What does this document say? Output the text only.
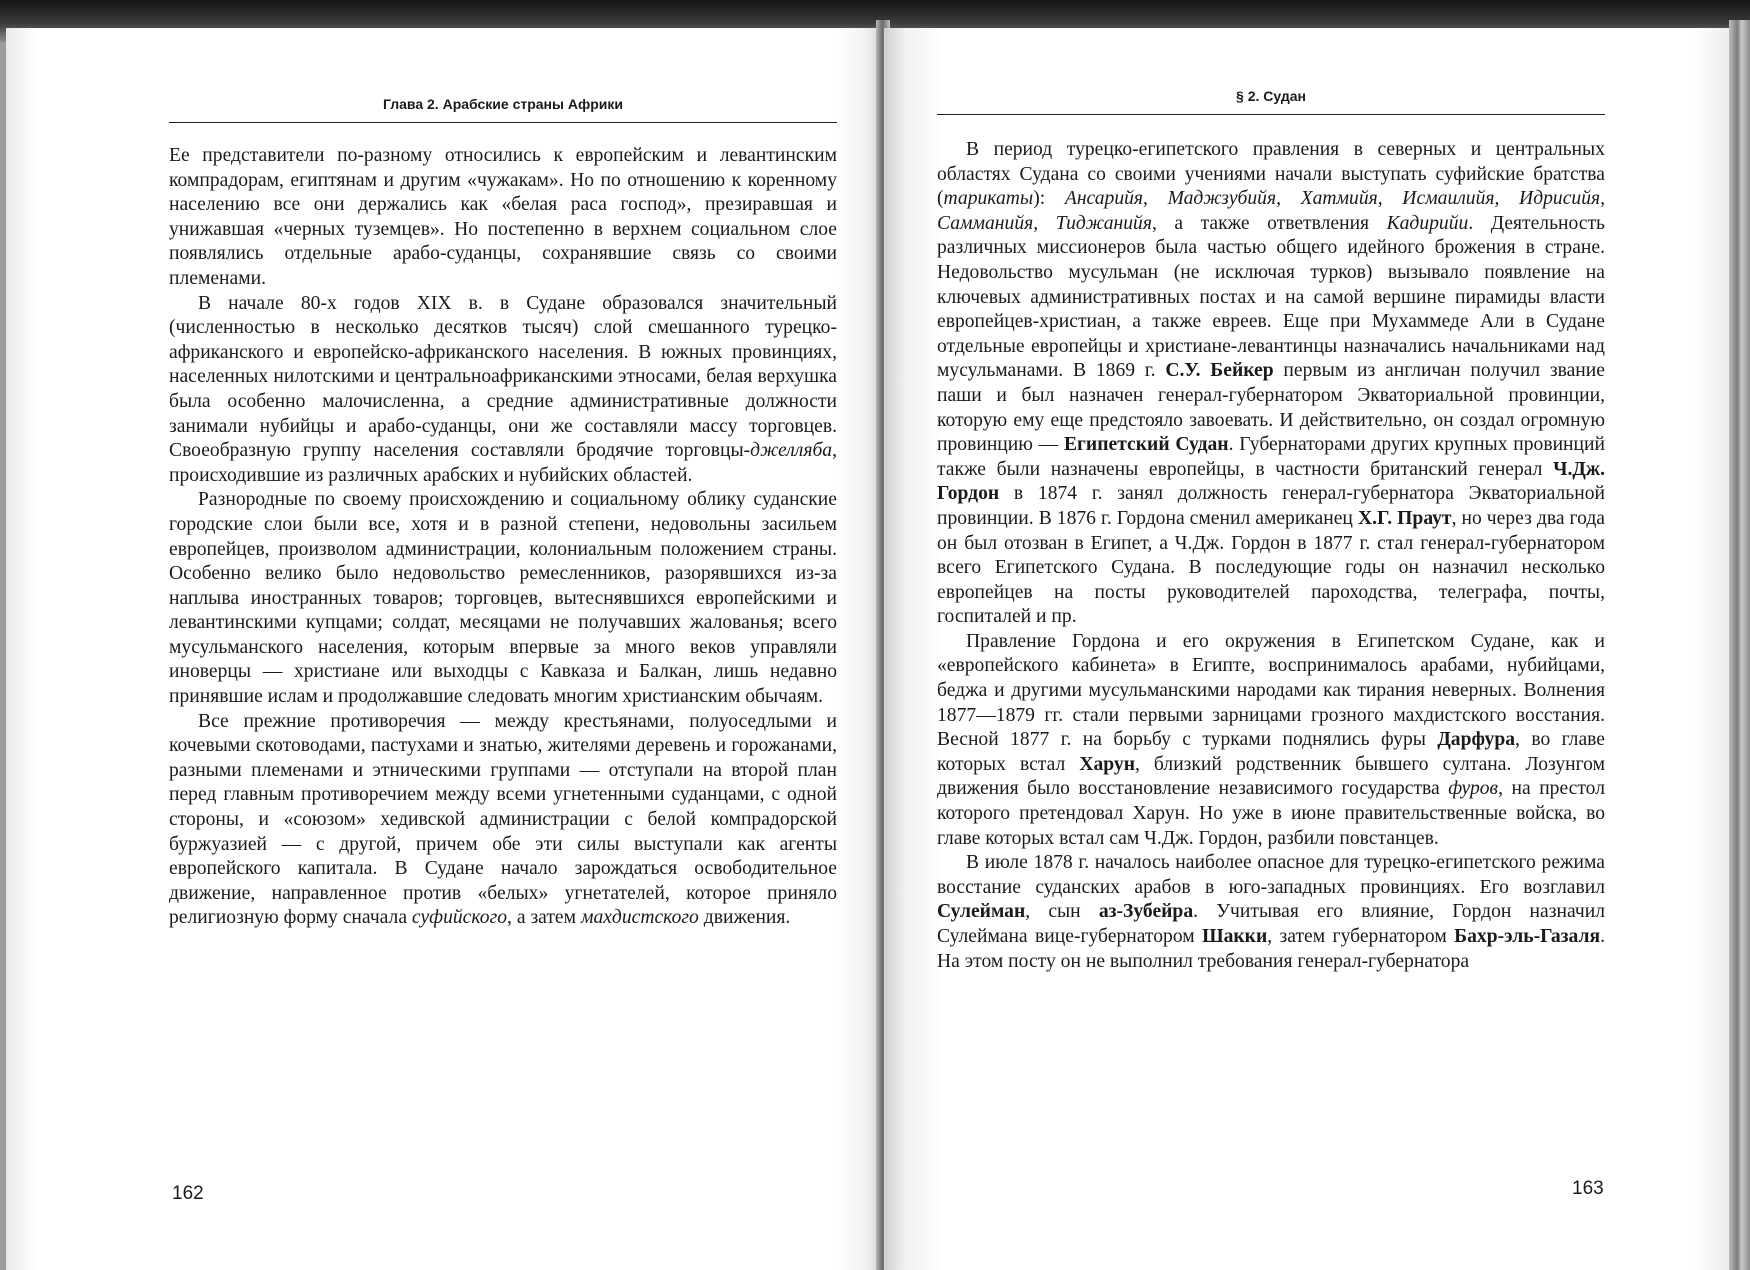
Глава 2. Арабские страны Африки

Ее представители по-разному относились к европейским и левантинским компрадорам, египтянам и другим «чужакам». Но по отношению к коренному населению все они держались как «белая раса господ», презиравшая и унижавшая «черных туземцев». Но постепенно в верхнем социальном слое появлялись отдельные арабо-суданцы, сохранявшие связь со своими племенами.

В начале 80-х годов XIX в. в Судане образовался значительный (численностью в несколько десятков тысяч) слой смешанного турецко-африканского и европейско-африканского населения. В южных провинциях, населенных нилотскими и центральноафриканскими этносами, белая верхушка была особенно малочисленна, а средние административные должности занимали нубийцы и арабо-суданцы, они же составляли массу торговцев. Своеобразную группу населения составляли бродячие торговцы-джелляба, происходившие из различных арабских и нубийских областей.

Разнородные по своему происхождению и социальному облику суданские городские слои были все, хотя и в разной степени, недовольны засильем европейцев, произволом администрации, колониальным положением страны. Особенно велико было недовольство ремесленников, разорявшихся из-за наплыва иностранных товаров; торговцев, вытеснявшихся европейскими и левантинскими купцами; солдат, месяцами не получавших жалованья; всего мусульманского населения, которым впервые за много веков управляли иноверцы — христиане или выходцы с Кавказа и Балкан, лишь недавно принявшие ислам и продолжавшие следовать многим христианским обычаям.

Все прежние противоречия — между крестьянами, полуоседлыми и кочевыми скотоводами, пастухами и знатью, жителями деревень и горожанами, разными племенами и этническими группами — отступали на второй план перед главным противоречием между всеми угнетенными суданцами, с одной стороны, и «союзом» хедивской администрации с белой компрадорской буржуазией — с другой, причем обе эти силы выступали как агенты европейского капитала. В Судане начало зарождаться освободительное движение, направленное против «белых» угнетателей, которое приняло религиозную форму сначала суфийского, а затем махдистского движения.

162
§ 2. Судан

В период турецко-египетского правления в северных и центральных областях Судана со своими учениями начали выступать суфийские братства (тарикаты): Ансарийя, Маджзубийя, Хатмийя, Исмаилийя, Идрисийя, Самманийя, Тиджанийя, а также ответвления Кадирийи. Деятельность различных миссионеров была частью общего идейного брожения в стране. Недовольство мусульман (не исключая турков) вызывало появление на ключевых административных постах и на самой вершине пирамиды власти европейцев-христиан, а также евреев. Еще при Мухаммеде Али в Судане отдельные европейцы и христиане-левантинцы назначались начальниками над мусульманами. В 1869 г. С.У. Бейкер первым из англичан получил звание паши и был назначен генерал-губернатором Экваториальной провинции, которую ему еще предстояло завоевать. И действительно, он создал огромную провинцию — Египетский Судан. Губернаторами других крупных провинций также были назначены европейцы, в частности британский генерал Ч.Дж. Гордон в 1874 г. занял должность генерал-губернатора Экваториальной провинции. В 1876 г. Гордона сменил американец Х.Г. Праут, но через два года он был отозван в Египет, а Ч.Дж. Гордон в 1877 г. стал генерал-губернатором всего Египетского Судана. В последующие годы он назначил несколько европейцев на посты руководителей пароходства, телеграфа, почты, госпиталей и пр.

Правление Гордона и его окружения в Египетском Судане, как и «европейского кабинета» в Египте, воспринималось арабами, нубийцами, беджа и другими мусульманскими народами как тирания неверных. Волнения 1877—1879 гг. стали первыми зарницами грозного махдистского восстания. Весной 1877 г. на борьбу с турками поднялись фуры Дарфура, во главе которых встал Харун, близкий родственник бывшего султана. Лозунгом движения было восстановление независимого государства фуров, на престол которого претендовал Харун. Но уже в июне правительственные войска, во главе которых встал сам Ч.Дж. Гордон, разбили повстанцев.

В июле 1878 г. началось наиболее опасное для турецко-египетского режима восстание суданских арабов в юго-западных провинциях. Его возглавил Сулейман, сын аз-Зубейра. Учитывая его влияние, Гордон назначил Сулеймана вице-губернатором Шакки, затем губернатором Бахр-эль-Газаля. На этом посту он не выполнил требования генерал-губернатора

163
